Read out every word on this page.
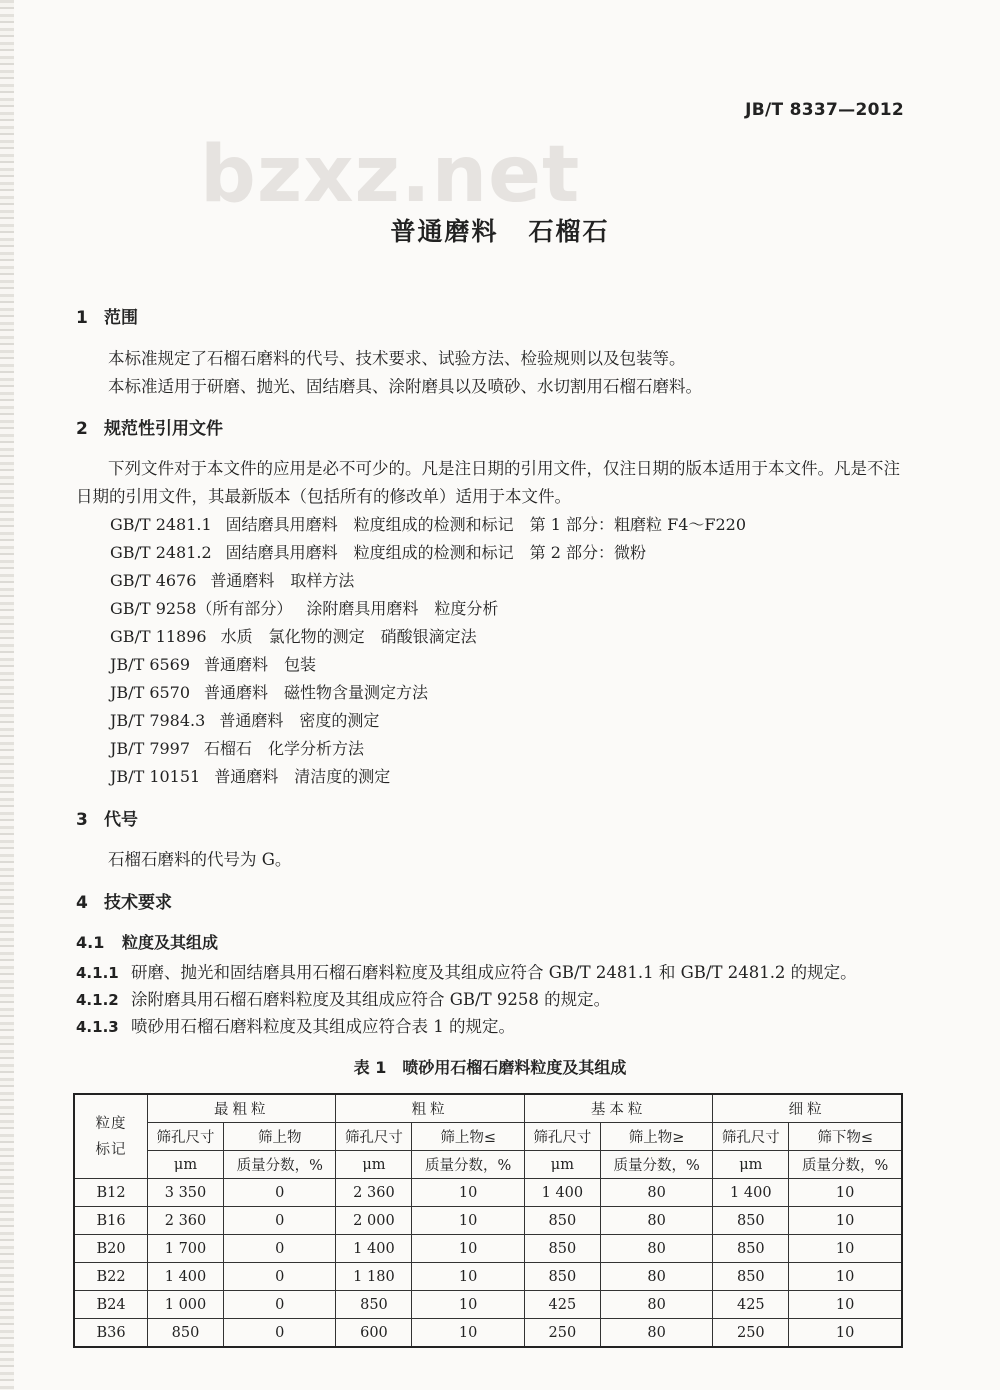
JB/T 8337—2012
bzxz.net
普通磨料 石榴石
1 范围
本标准规定了石榴石磨料的代号、技术要求、试验方法、检验规则以及包装等。
本标准适用于研磨、抛光、固结磨具、涂附磨具以及喷砂、水切割用石榴石磨料。
2 规范性引用文件
下列文件对于本文件的应用是必不可少的。凡是注日期的引用文件，仅注日期的版本适用于本文件。凡是不注日期的引用文件，其最新版本（包括所有的修改单）适用于本文件。
GB/T 2481.1 固结磨具用磨料　粒度组成的检测和标记　第 1 部分：粗磨粒 F4～F220
GB/T 2481.2 固结磨具用磨料　粒度组成的检测和标记　第 2 部分：微粉
GB/T 4676 普通磨料　取样方法
GB/T 9258（所有部分） 涂附磨具用磨料　粒度分析
GB/T 11896 水质　氯化物的测定　硝酸银滴定法
JB/T 6569 普通磨料　包装
JB/T 6570 普通磨料　磁性物含量测定方法
JB/T 7984.3 普通磨料　密度的测定
JB/T 7997 石榴石　化学分析方法
JB/T 10151 普通磨料　清洁度的测定
3 代号
石榴石磨料的代号为 G。
4 技术要求
4.1 粒度及其组成
4.1.1 研磨、抛光和固结磨具用石榴石磨料粒度及其组成应符合 GB/T 2481.1 和 GB/T 2481.2 的规定。
4.1.2 涂附磨具用石榴石磨料粒度及其组成应符合 GB/T 9258 的规定。
4.1.3 喷砂用石榴石磨料粒度及其组成应符合表 1 的规定。
表 1　喷砂用石榴石磨料粒度及其组成
粒度
标记	最粗粒		粗粒		基本粒		细粒	
	筛孔尺寸	筛上物	筛孔尺寸	筛上物≤	筛孔尺寸	筛上物≥	筛孔尺寸	筛下物≤
	μm	质量分数，%	μm	质量分数，%	μm	质量分数，%	μm	质量分数，%
B12	3 350	0	2 360	10	1 400	80	1 400	10
B16	2 360	0	2 000	10	850	80	850	10
B20	1 700	0	1 400	10	850	80	850	10
B22	1 400	0	1 180	10	850	80	850	10
B24	1 000	0	850	10	425	80	425	10
B36	850	0	600	10	250	80	250	10
